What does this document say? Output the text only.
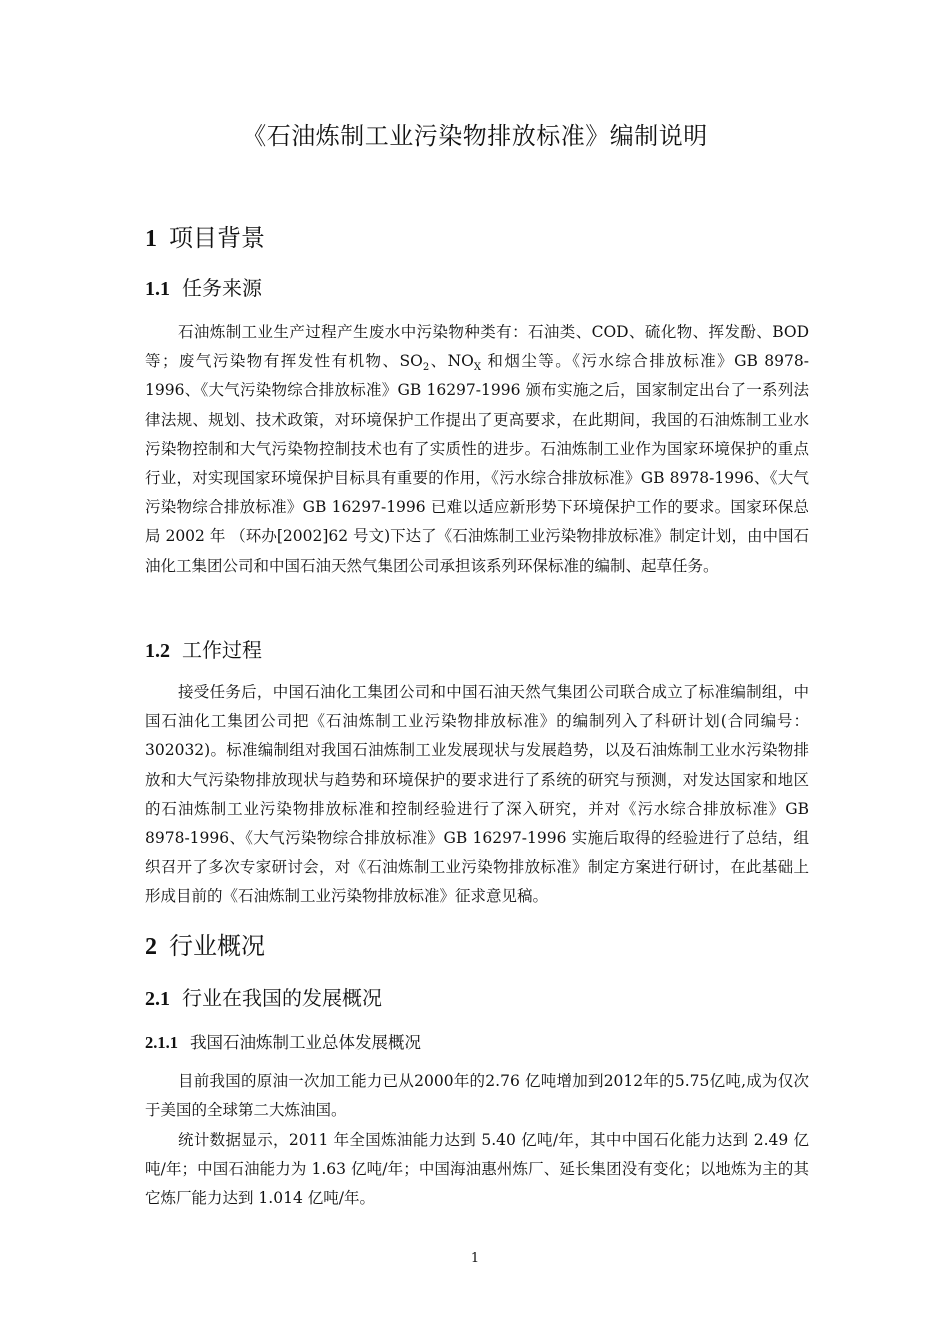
《石油炼制工业污染物排放标准》编制说明
1 项目背景
1.1 任务来源

石油炼制工业生产过程产生废水中污染物种类有：石油类、COD、硫化物、挥发酚、BOD 等；废气污染物有挥发性有机物、$SO_2$、$NO_X$ 和烟尘等。《污水综合排放标准》GB 8978-1996、《大气污染物综合排放标准》GB 16297-1996 颁布实施之后，国家制定出台了一系列法律法规、规划、技术政策，对环境保护工作提出了更高要求，在此期间，我国的石油炼制工业水污染物控制和大气污染物控制技术也有了实质性的进步。石油炼制工业作为国家环境保护的重点行业，对实现国家环境保护目标具有重要的作用，《污水综合排放标准》GB 8978-1996、《大气污染物综合排放标准》GB 16297-1996 已难以适应新形势下环境保护工作的要求。国家环保总局 2002 年 （环办[2002]62 号文)下达了《石油炼制工业污染物排放标准》制定计划，由中国石油化工集团公司和中国石油天然气集团公司承担该系列环保标准的编制、起草任务。

1.2 工作过程

接受任务后，中国石油化工集团公司和中国石油天然气集团公司联合成立了标准编制组，中国石油化工集团公司把《石油炼制工业污染物排放标准》的编制列入了科研计划(合同编号：302032)。标准编制组对我国石油炼制工业发展现状与发展趋势，以及石油炼制工业水污染物排放和大气污染物排放现状与趋势和环境保护的要求进行了系统的研究与预测，对发达国家和地区的石油炼制工业污染物排放标准和控制经验进行了深入研究，并对《污水综合排放标准》GB 8978-1996、《大气污染物综合排放标准》GB 16297-1996 实施后取得的经验进行了总结，组织召开了多次专家研讨会，对《石油炼制工业污染物排放标准》制定方案进行研讨，在此基础上形成目前的《石油炼制工业污染物排放标准》征求意见稿。

2 行业概况
2.1 行业在我国的发展概况
2.1.1 我国石油炼制工业总体发展概况

目前我国的原油一次加工能力已从2000年的2.76 亿吨增加到2012年的5.75亿吨,成为仅次于美国的全球第二大炼油国。

统计数据显示，2011 年全国炼油能力达到 5.40 亿吨/年，其中中国石化能力达到 2.49 亿吨/年；中国石油能力为 1.63 亿吨/年；中国海油惠州炼厂、延长集团没有变化；以地炼为主的其它炼厂能力达到 1.014 亿吨/年。

1
